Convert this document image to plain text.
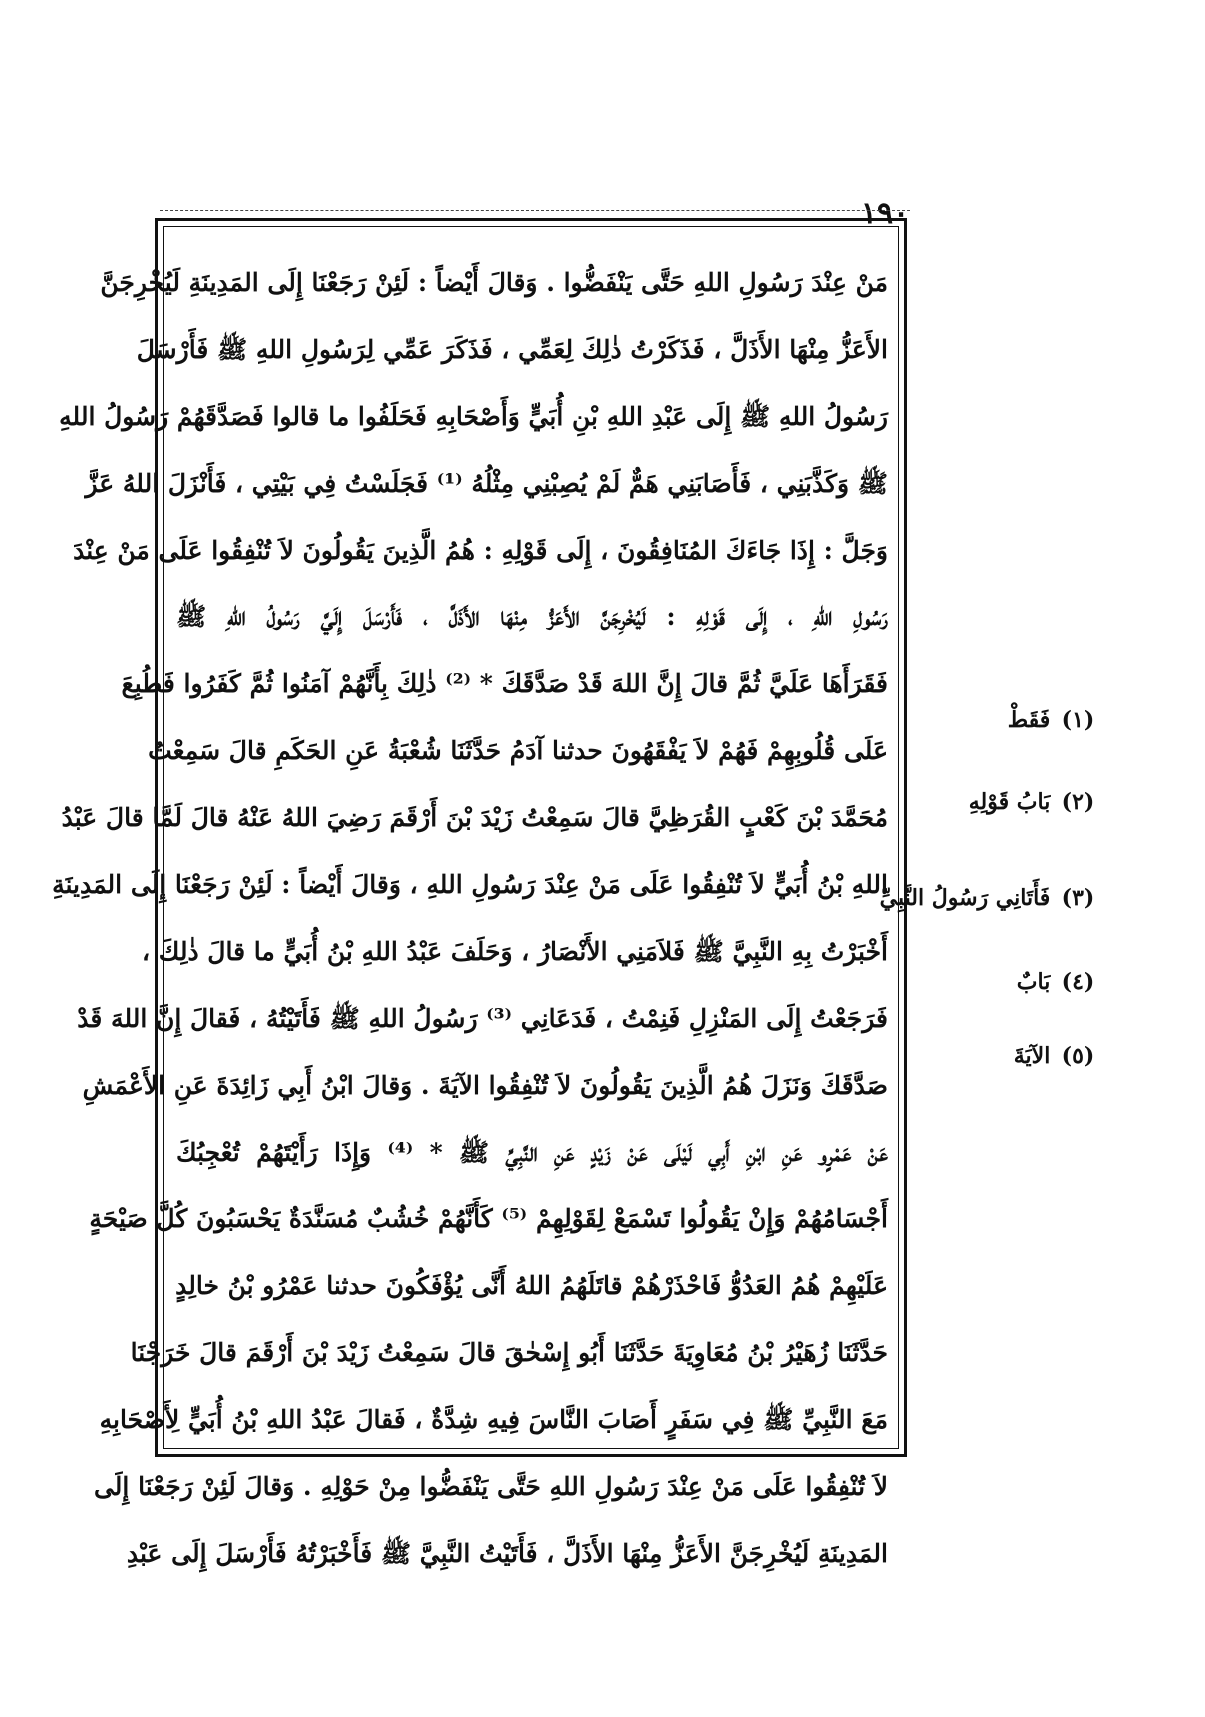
١٩٠
مَنْ عِنْدَ رَسُولِ اللهِ حَتَّى يَنْفَضُّوا . وَقالَ أَيْضاً : لَئِنْ رَجَعْنَا إِلَى المَدِينَةِ لَيُخْرِجَنَّ
الأَعَزُّ مِنْهَا الأَذَلَّ ، فَذَكَرْتُ ذٰلِكَ لِعَمِّي ، فَذَكَرَ عَمِّي لِرَسُولِ اللهِ ﷺ فَأَرْسَلَ
رَسُولُ اللهِ ﷺ إِلَى عَبْدِ اللهِ بْنِ أُبَيٍّ وَأَصْحَابِهِ فَحَلَفُوا ما قالوا فَصَدَّقَهُمْ رَسُولُ اللهِ
ﷺ وَكَذَّبَنِي ، فَأَصَابَنِي هَمٌّ لَمْ يُصِبْنِي مِثْلُهُ ⁽¹⁾ فَجَلَسْتُ فِي بَيْتِي ، فَأَنْزَلَ اللهُ عَزَّ
وَجَلَّ : إِذَا جَاءَكَ المُنَافِقُونَ ، إِلَى قَوْلِهِ : هُمُ الَّذِينَ يَقُولُونَ لاَ تُنْفِقُوا عَلَى مَنْ عِنْدَ
رَسُولِ اللهِ ، إِلَى قَوْلِهِ : لَيُخْرِجَنَّ الأَعَزُّ مِنْهَا الأَذَلَّ ، فَأَرْسَلَ إِلَيَّ رَسُولُ اللهِ ﷺ
فَقَرَأَهَا عَلَيَّ ثُمَّ قالَ إِنَّ اللهَ قَدْ صَدَّقَكَ * ⁽²⁾ ذٰلِكَ بِأَنَّهُمْ آمَنُوا ثُمَّ كَفَرُوا فَطُبِعَ
عَلَى قُلُوبِهِمْ فَهُمْ لاَ يَفْقَهُونَ حدثنا آدَمُ حَدَّثَنَا شُعْبَةُ عَنِ الحَكَمِ قالَ سَمِعْتُ
مُحَمَّدَ بْنَ كَعْبٍ القُرَظِيَّ قالَ سَمِعْتُ زَيْدَ بْنَ أَرْقَمَ رَضِيَ اللهُ عَنْهُ قالَ لَمَّا قالَ عَبْدُ
اللهِ بْنُ أُبَيٍّ لاَ تُنْفِقُوا عَلَى مَنْ عِنْدَ رَسُولِ اللهِ ، وَقالَ أَيْضاً : لَئِنْ رَجَعْنَا إِلَى المَدِينَةِ
أَخْبَرْتُ بِهِ النَّبِيَّ ﷺ فَلاَمَنِي الأَنْصَارُ ، وَحَلَفَ عَبْدُ اللهِ بْنُ أُبَيٍّ ما قالَ ذٰلِكَ ،
فَرَجَعْتُ إِلَى المَنْزِلِ فَنِمْتُ ، فَدَعَانِي ⁽³⁾ رَسُولُ اللهِ ﷺ فَأَتَيْتُهُ ، فَقالَ إِنَّ اللهَ قَدْ
صَدَّقَكَ وَنَزَلَ هُمُ الَّذِينَ يَقُولُونَ لاَ تُنْفِقُوا الآيَةَ . وَقالَ ابْنُ أَبِي زَائِدَةَ عَنِ الأَعْمَشِ
عَنْ عَمْرٍو عَنِ ابْنِ أَبِي لَيْلَى عَنْ زَيْدٍ عَنِ النَّبِيِّ ﷺ * ⁽⁴⁾ وَإِذَا رَأَيْتَهُمْ تُعْجِبُكَ
أَجْسَامُهُمْ وَإِنْ يَقُولُوا تَسْمَعْ لِقَوْلِهِمْ ⁽⁵⁾ كَأَنَّهُمْ خُشُبٌ مُسَنَّدَةٌ يَحْسَبُونَ كُلَّ صَيْحَةٍ
عَلَيْهِمْ هُمُ العَدُوُّ فَاحْذَرْهُمْ قاتَلَهُمُ اللهُ أَنَّى يُؤْفَكُونَ حدثنا عَمْرُو بْنُ خالِدٍ
حَدَّثَنَا زُهَيْرُ بْنُ مُعَاوِيَةَ حَدَّثَنَا أَبُو إِسْحٰقَ قالَ سَمِعْتُ زَيْدَ بْنَ أَرْقَمَ قالَ خَرَجْنَا
مَعَ النَّبِيِّ ﷺ فِي سَفَرٍ أَصَابَ النَّاسَ فِيهِ شِدَّةٌ ، فَقالَ عَبْدُ اللهِ بْنُ أُبَيٍّ لِأَصْحَابِهِ
لاَ تُنْفِقُوا عَلَى مَنْ عِنْدَ رَسُولِ اللهِ حَتَّى يَنْفَضُّوا مِنْ حَوْلِهِ . وَقالَ لَئِنْ رَجَعْنَا إِلَى
المَدِينَةِ لَيُخْرِجَنَّ الأَعَزُّ مِنْهَا الأَذَلَّ ، فَأَتَيْتُ النَّبِيَّ ﷺ فَأَخْبَرْتُهُ فَأَرْسَلَ إِلَى عَبْدِ
(١) فَقَطْ
(٢) بَابُ قَوْلِهِ
(٣) فَأَتَانِي رَسُولُ النَّبِيِّ
(٤) بَابٌ
(٥) الآيَةَ
